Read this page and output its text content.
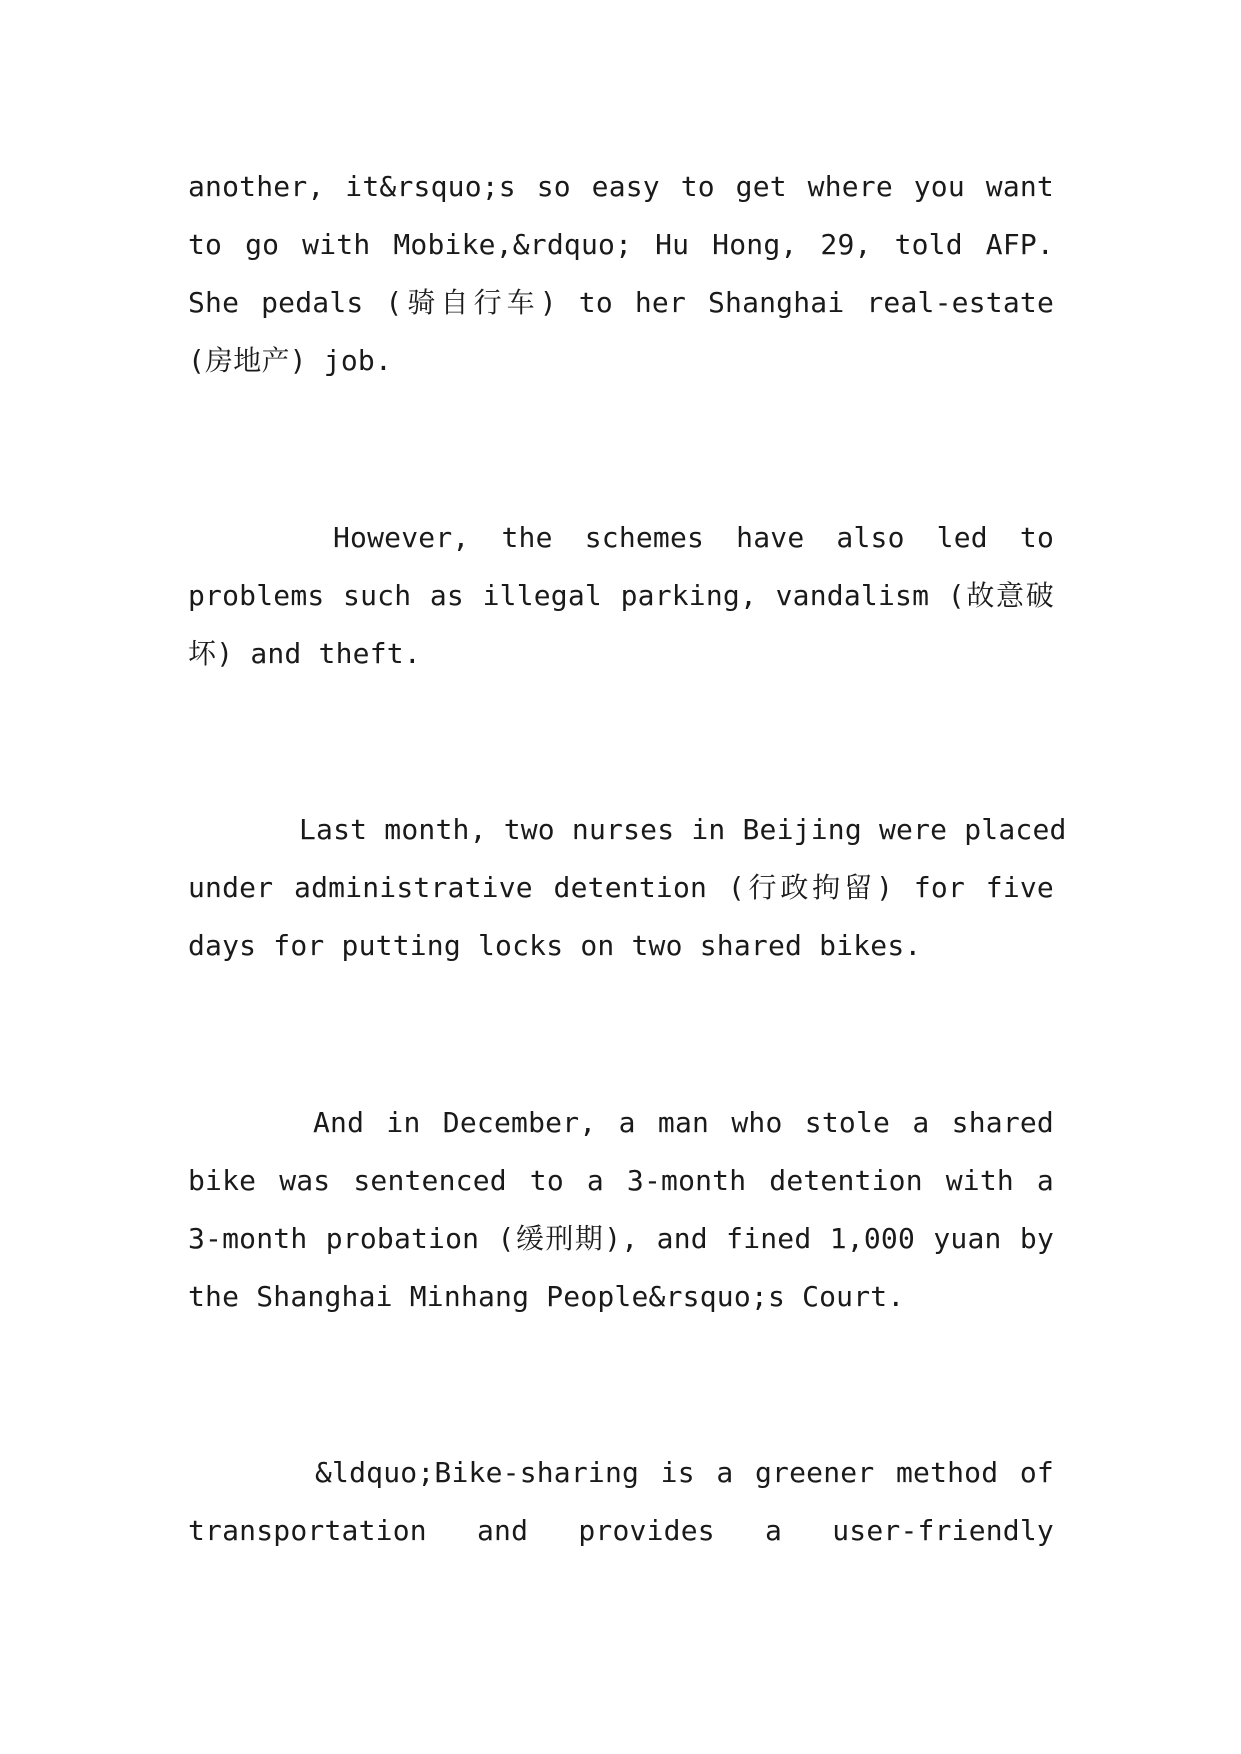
another, it&rsquo;s so easy to get where you want
to go with Mobike,&rdquo; Hu Hong, 29, told AFP.
She pedals (骑自行车) to her Shanghai real-estate
(房地产) job.
However, the schemes have also led to
problems such as illegal parking, vandalism (故意破
坏) and theft.
Last month, two nurses in Beijing were placed
under administrative detention (行政拘留) for five
days for putting locks on two shared bikes.
And in December, a man who stole a shared
bike was sentenced to a 3-month detention with a
3-month probation (缓刑期), and fined 1,000 yuan by
the Shanghai Minhang People&rsquo;s Court.
&ldquo;Bike-sharing is a greener method of
transportation and provides a user-friendly
